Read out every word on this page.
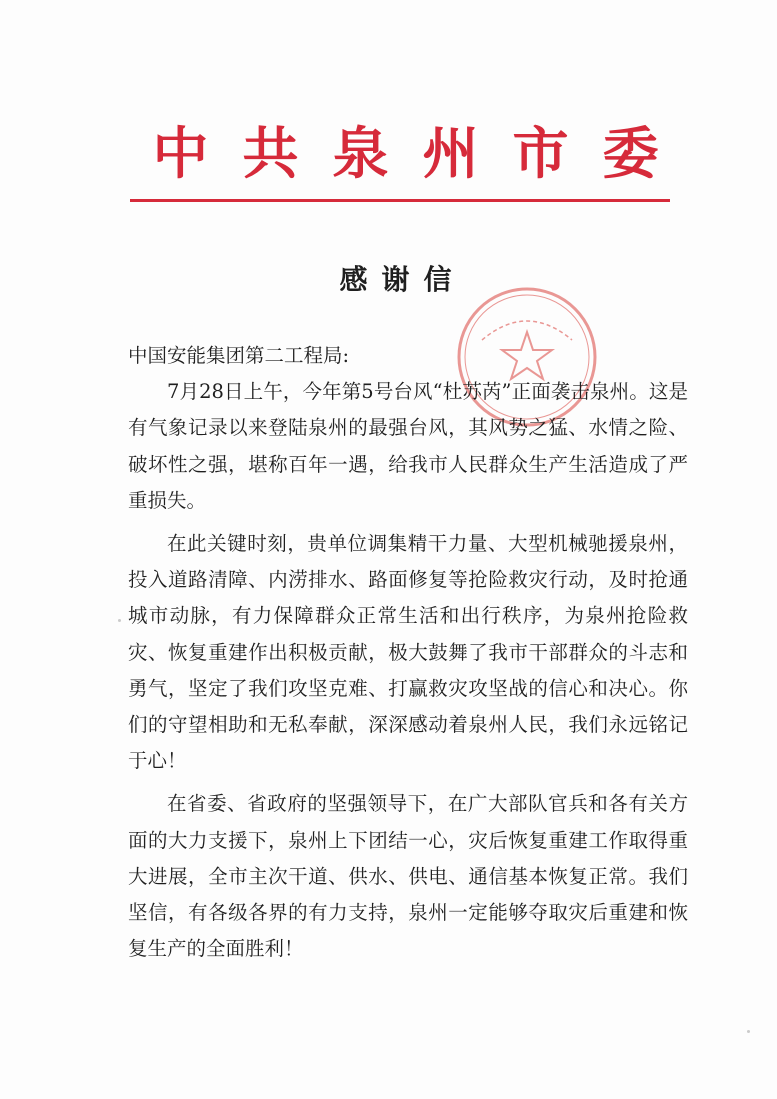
中共泉州市委
感谢信

中国安能集团第二工程局:

7月28日上午，今年第5号台风“杜苏芮”正面袭击泉州。这是有气象记录以来登陆泉州的最强台风，其风势之猛、水情之险、破坏性之强，堪称百年一遇，给我市人民群众生产生活造成了严重损失。

在此关键时刻，贵单位调集精干力量、大型机械驰援泉州，投入道路清障、内涝排水、路面修复等抢险救灾行动，及时抢通城市动脉，有力保障群众正常生活和出行秩序，为泉州抢险救灾、恢复重建作出积极贡献，极大鼓舞了我市干部群众的斗志和勇气，坚定了我们攻坚克难、打赢救灾攻坚战的信心和决心。你们的守望相助和无私奉献，深深感动着泉州人民，我们永远铭记于心！

在省委、省政府的坚强领导下，在广大部队官兵和各有关方面的大力支援下，泉州上下团结一心，灾后恢复重建工作取得重大进展，全市主次干道、供水、供电、通信基本恢复正常。我们坚信，有各级各界的有力支持，泉州一定能够夺取灾后重建和恢复生产的全面胜利！
